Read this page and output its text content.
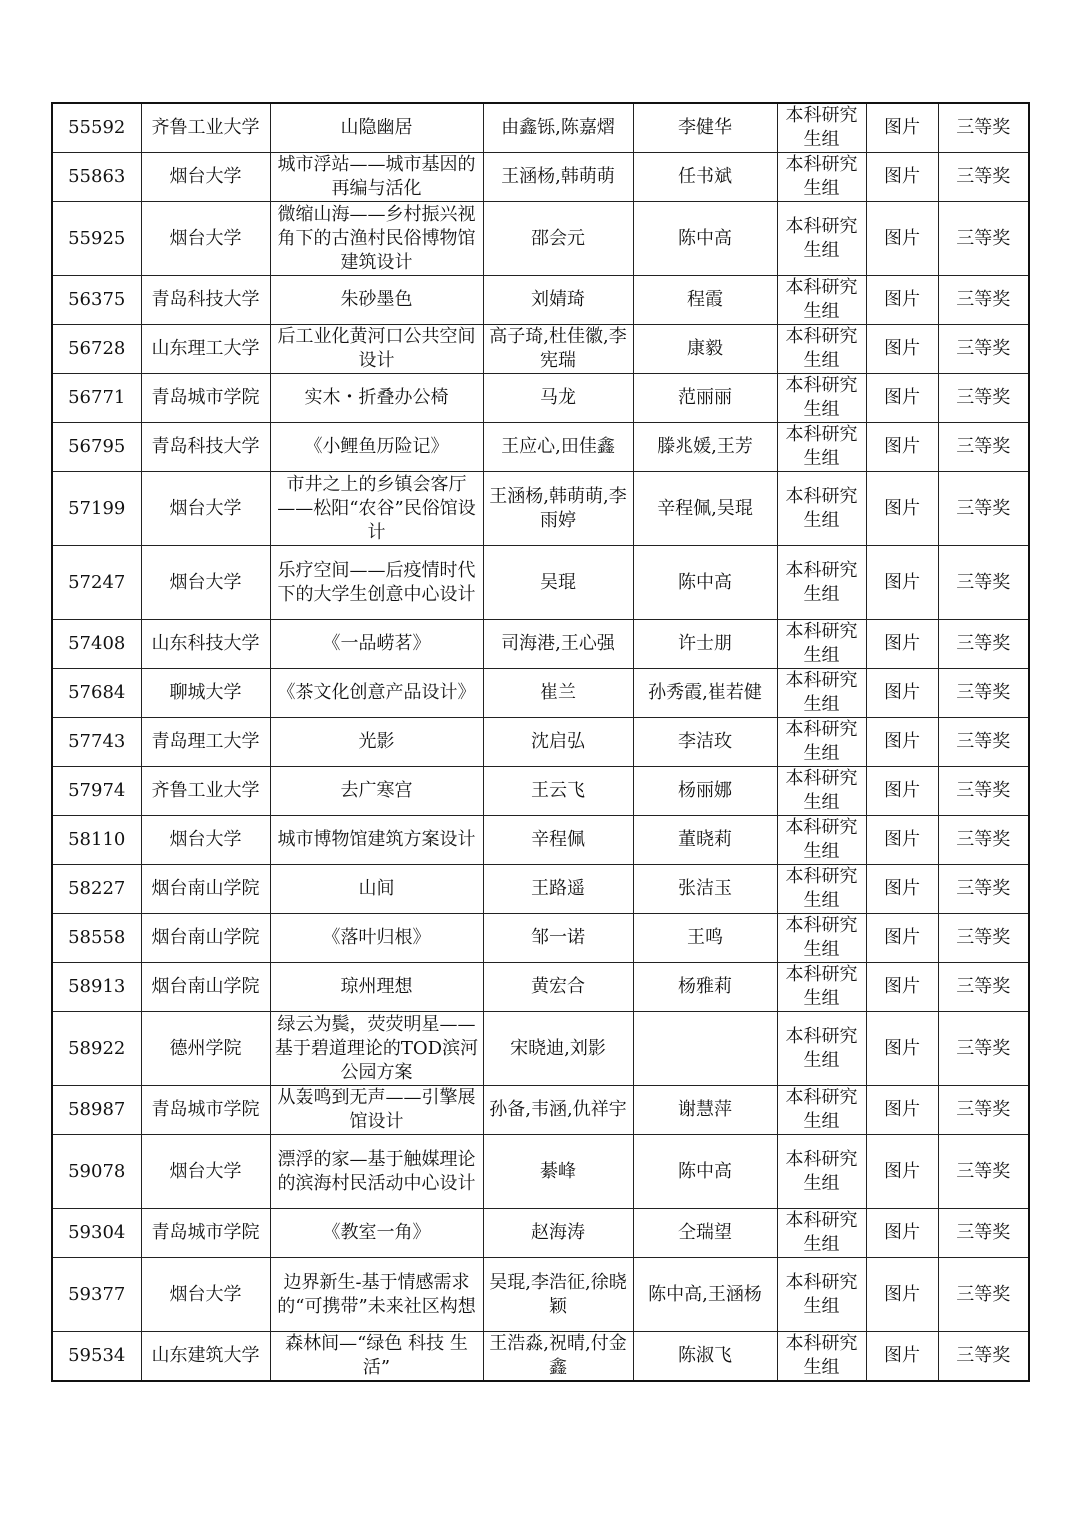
55592	齐鲁工业大学	山隐幽居	由鑫铄,陈嘉熠	李健华	本科研究生组	图片	三等奖
55863	烟台大学	城市浮站——城市基因的再编与活化	王涵杨,韩萌萌	任书斌	本科研究生组	图片	三等奖
55925	烟台大学	微缩山海——乡村振兴视角下的古渔村民俗博物馆建筑设计	邵会元	陈中高	本科研究生组	图片	三等奖
56375	青岛科技大学	朱砂墨色	刘婧琦	程霞	本科研究生组	图片	三等奖
56728	山东理工大学	后工业化黄河口公共空间设计	高子琦,杜佳徽,李宪瑞	康毅	本科研究生组	图片	三等奖
56771	青岛城市学院	实木・折叠办公椅	马龙	范丽丽	本科研究生组	图片	三等奖
56795	青岛科技大学	《小鲤鱼历险记》	王应心,田佳鑫	滕兆媛,王芳	本科研究生组	图片	三等奖
57199	烟台大学	市井之上的乡镇会客厅——松阳“农谷”民俗馆设计	王涵杨,韩萌萌,李雨婷	辛程佩,吴琨	本科研究生组	图片	三等奖
57247	烟台大学	乐疗空间——后疫情时代下的大学生创意中心设计	吴琨	陈中高	本科研究生组	图片	三等奖
57408	山东科技大学	《一品崂茗》	司海港,王心强	许士朋	本科研究生组	图片	三等奖
57684	聊城大学	《茶文化创意产品设计》	崔兰	孙秀霞,崔若健	本科研究生组	图片	三等奖
57743	青岛理工大学	光影	沈启弘	李洁玫	本科研究生组	图片	三等奖
57974	齐鲁工业大学	去广寒宫	王云飞	杨丽娜	本科研究生组	图片	三等奖
58110	烟台大学	城市博物馆建筑方案设计	辛程佩	董晓莉	本科研究生组	图片	三等奖
58227	烟台南山学院	山间	王路遥	张洁玉	本科研究生组	图片	三等奖
58558	烟台南山学院	《落叶归根》	邹一诺	王鸣	本科研究生组	图片	三等奖
58913	烟台南山学院	琼州理想	黄宏合	杨雅莉	本科研究生组	图片	三等奖
58922	德州学院	绿云为鬓，荧荧明星——基于碧道理论的TOD滨河公园方案	宋晓迪,刘影		本科研究生组	图片	三等奖
58987	青岛城市学院	从轰鸣到无声——引擎展馆设计	孙备,韦涵,仇祥宇	谢慧萍	本科研究生组	图片	三等奖
59078	烟台大学	漂浮的家—基于触媒理论的滨海村民活动中心设计	綦峰	陈中高	本科研究生组	图片	三等奖
59304	青岛城市学院	《教室一角》	赵海涛	仝瑞望	本科研究生组	图片	三等奖
59377	烟台大学	边界新生-基于情感需求的“可携带”未来社区构想	吴琨,李浩征,徐晓颖	陈中高,王涵杨	本科研究生组	图片	三等奖
59534	山东建筑大学	森林间—“绿色 科技 生活”	王浩淼,祝晴,付金鑫	陈淑飞	本科研究生组	图片	三等奖
